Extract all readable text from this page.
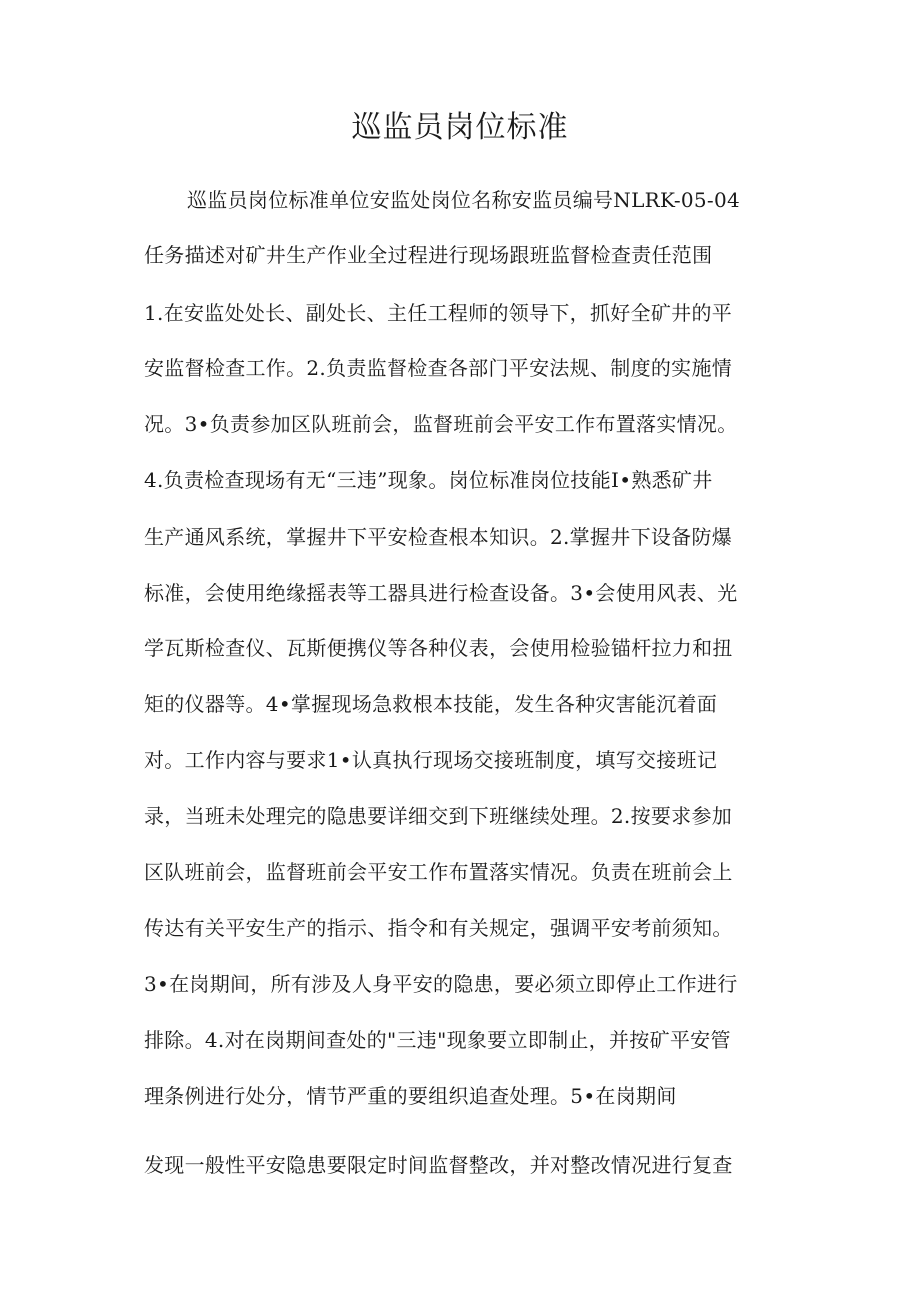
巡监员岗位标准
巡监员岗位标准单位安监处岗位名称安监员编号NLRK-05-04
任务描述对矿井生产作业全过程进行现场跟班监督检查责任范围
1.在安监处处长、副处长、主任工程师的领导下，抓好全矿井的平
安监督检查工作。2.负责监督检查各部门平安法规、制度的实施情
况。3•负责参加区队班前会，监督班前会平安工作布置落实情况。
4.负责检查现场有无“三违”现象。岗位标准岗位技能I•熟悉矿井
生产通风系统，掌握井下平安检查根本知识。2.掌握井下设备防爆
标准，会使用绝缘摇表等工器具进行检查设备。3•会使用风表、光
学瓦斯检查仪、瓦斯便携仪等各种仪表，会使用检验锚杆拉力和扭
矩的仪器等。4•掌握现场急救根本技能，发生各种灾害能沉着面
对。工作内容与要求1•认真执行现场交接班制度，填写交接班记
录，当班未处理完的隐患要详细交到下班继续处理。2.按要求参加
区队班前会，监督班前会平安工作布置落实情况。负责在班前会上
传达有关平安生产的指示、指令和有关规定，强调平安考前须知。
3•在岗期间，所有涉及人身平安的隐患，要必须立即停止工作进行
排除。4.对在岗期间查处的"三违"现象要立即制止，并按矿平安管
理条例进行处分，情节严重的要组织追查处理。5•在岗期间
发现一般性平安隐患要限定时间监督整改，并对整改情况进行复查
